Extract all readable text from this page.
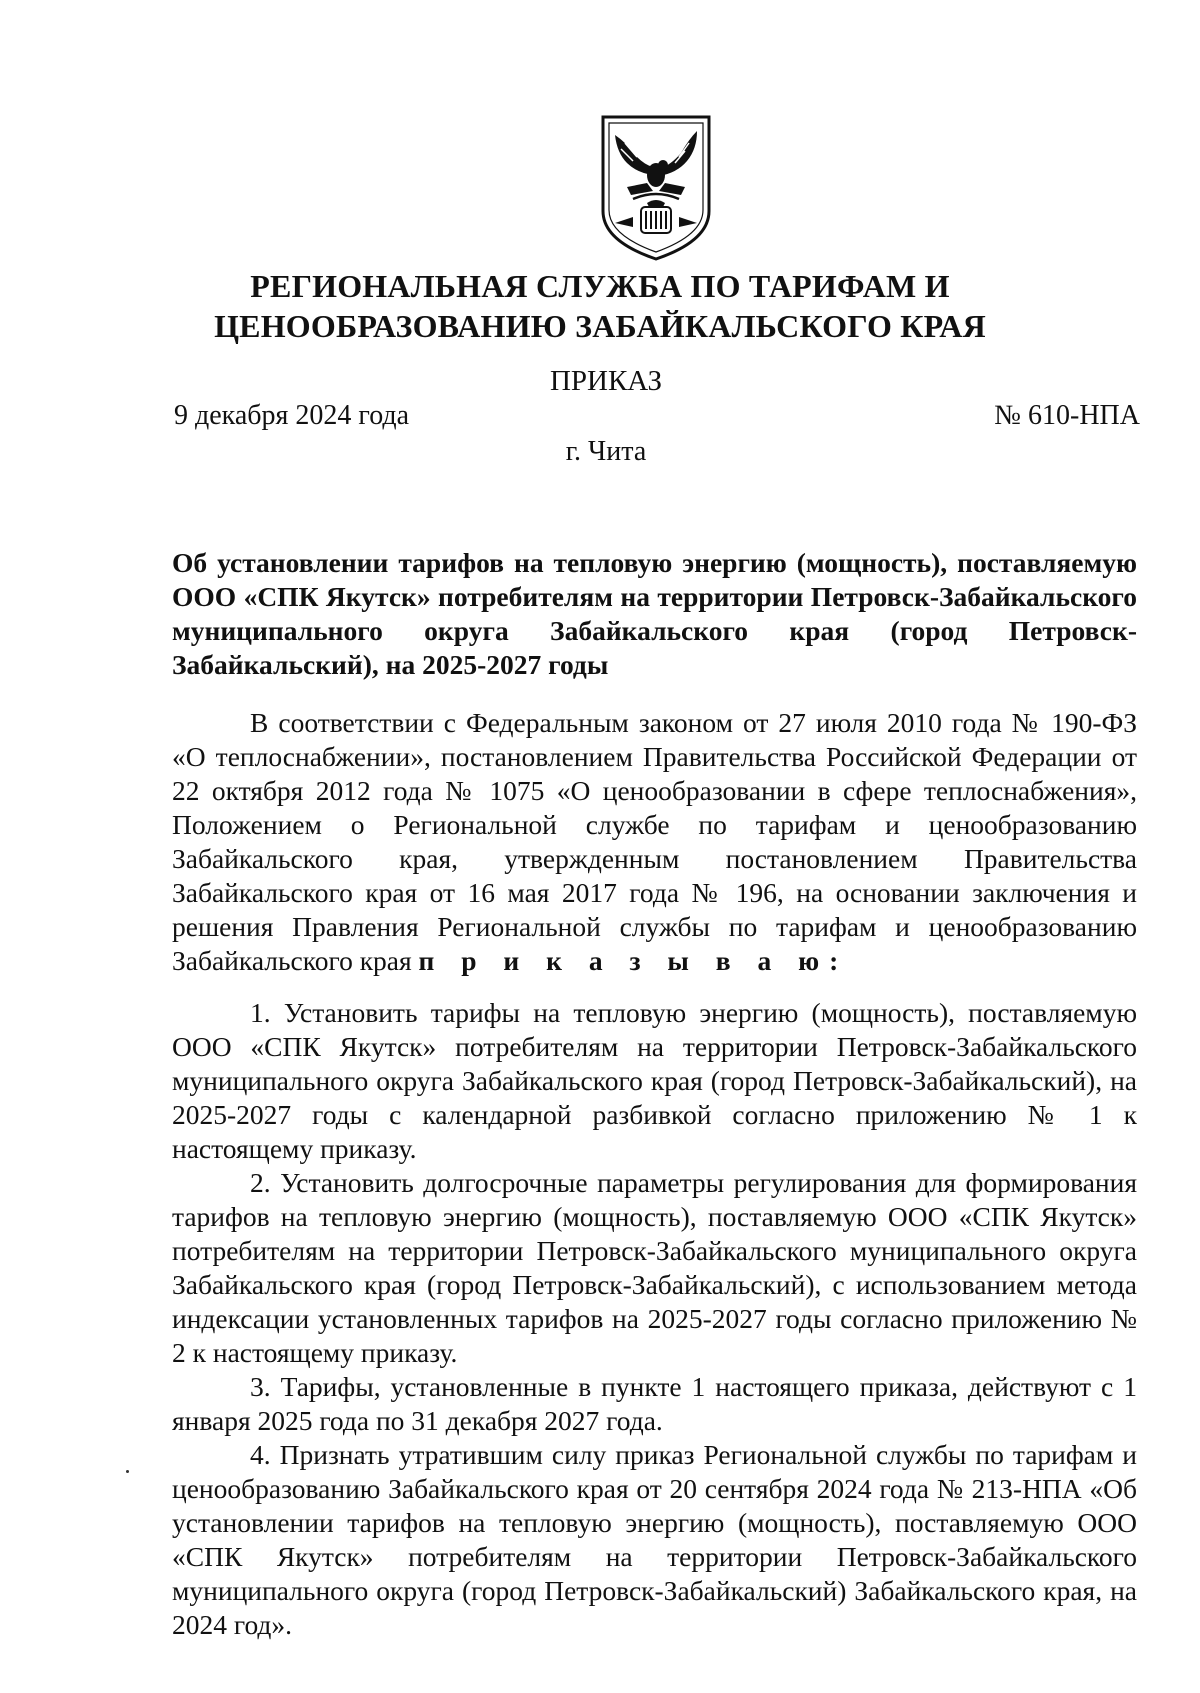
РЕГИОНАЛЬНАЯ СЛУЖБА ПО ТАРИФАМ И
ЦЕНООБРАЗОВАНИЮ ЗАБАЙКАЛЬСКОГО КРАЯ
ПРИКАЗ
9 декабря 2024 года	№ 610-НПА
г. Чита
Об установлении тарифов на тепловую энергию (мощность), поставляемую ООО «СПК Якутск» потребителям на территории Петровск-Забайкальского муниципального округа Забайкальского края (город Петровск-Забайкальский), на 2025-2027 годы

В соответствии с Федеральным законом от 27 июля 2010 года № 190-ФЗ «О теплоснабжении», постановлением Правительства Российской Федерации от 22 октября 2012 года № 1075 «О ценообразовании в сфере теплоснабжения», Положением о Региональной службе по тарифам и ценообразованию Забайкальского края, утвержденным постановлением Правительства Забайкальского края от 16 мая 2017 года № 196, на основании заключения и решения Правления Региональной службы по тарифам и ценообразованию Забайкальского края п р и к а з ы в а ю:

1. Установить тарифы на тепловую энергию (мощность), поставляемую ООО «СПК Якутск» потребителям на территории Петровск-Забайкальского муниципального округа Забайкальского края (город Петровск-Забайкальский), на 2025-2027 годы с календарной разбивкой согласно приложению № 1 к настоящему приказу.

2. Установить долгосрочные параметры регулирования для формирования тарифов на тепловую энергию (мощность), поставляемую ООО «СПК Якутск» потребителям на территории Петровск-Забайкальского муниципального округа Забайкальского края (город Петровск-Забайкальский), с использованием метода индексации установленных тарифов на 2025-2027 годы согласно приложению № 2 к настоящему приказу.

3. Тарифы, установленные в пункте 1 настоящего приказа, действуют с 1 января 2025 года по 31 декабря 2027 года.

4. Признать утратившим силу приказ Региональной службы по тарифам и ценообразованию Забайкальского края от 20 сентября 2024 года № 213-НПА «Об установлении тарифов на тепловую энергию (мощность), поставляемую ООО «СПК Якутск» потребителям на территории Петровск-Забайкальского муниципального округа (город Петровск-Забайкальский) Забайкальского края, на 2024 год».
